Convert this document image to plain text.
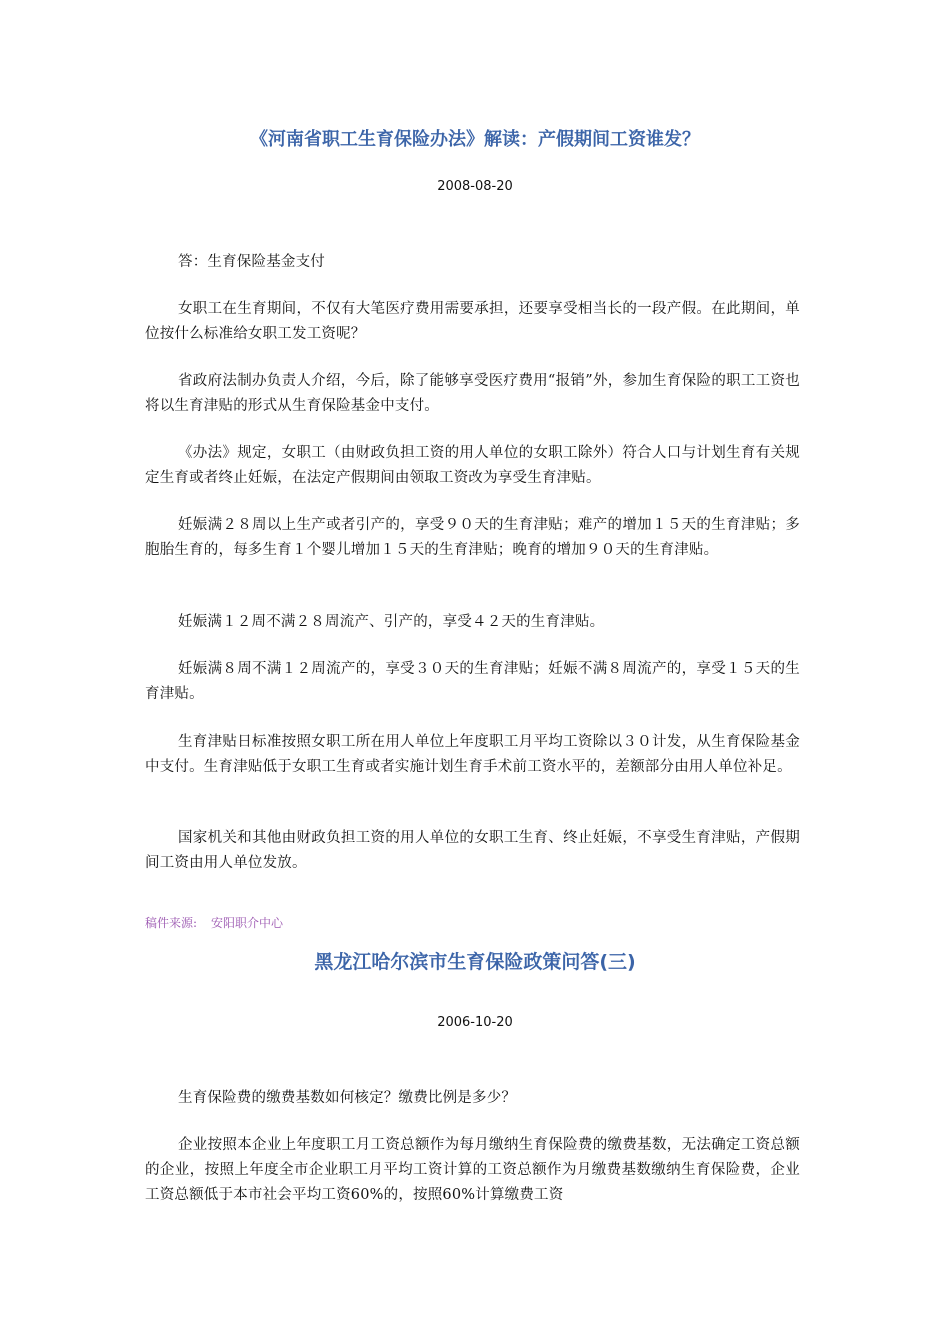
《河南省职工生育保险办法》解读：产假期间工资谁发？
2008-08-20
答：生育保险基金支付
女职工在生育期间，不仅有大笔医疗费用需要承担，还要享受相当长的一段产假。在此期间，单位按什么标准给女职工发工资呢？
省政府法制办负责人介绍，今后，除了能够享受医疗费用“报销”外，参加生育保险的职工工资也将以生育津贴的形式从生育保险基金中支付。
《办法》规定，女职工（由财政负担工资的用人单位的女职工除外）符合人口与计划生育有关规定生育或者终止妊娠，在法定产假期间由领取工资改为享受生育津贴。
妊娠满２８周以上生产或者引产的，享受９０天的生育津贴；难产的增加１５天的生育津贴；多胞胎生育的，每多生育１个婴儿增加１５天的生育津贴；晚育的增加９０天的生育津贴。
妊娠满１２周不满２８周流产、引产的，享受４２天的生育津贴。
妊娠满８周不满１２周流产的，享受３０天的生育津贴；妊娠不满８周流产的，享受１５天的生育津贴。
生育津贴日标准按照女职工所在用人单位上年度职工月平均工资除以３０计发，从生育保险基金中支付。生育津贴低于女职工生育或者实施计划生育手术前工资水平的，差额部分由用人单位补足。
国家机关和其他由财政负担工资的用人单位的女职工生育、终止妊娠，不享受生育津贴，产假期间工资由用人单位发放。
稿件来源: 安阳职介中心
黑龙江哈尔滨市生育保险政策问答(三)
2006-10-20
生育保险费的缴费基数如何核定？缴费比例是多少？
企业按照本企业上年度职工月工资总额作为每月缴纳生育保险费的缴费基数，无法确定工资总额的企业，按照上年度全市企业职工月平均工资计算的工资总额作为月缴费基数缴纳生育保险费，企业工资总额低于本市社会平均工资60%的，按照60%计算缴费工资
